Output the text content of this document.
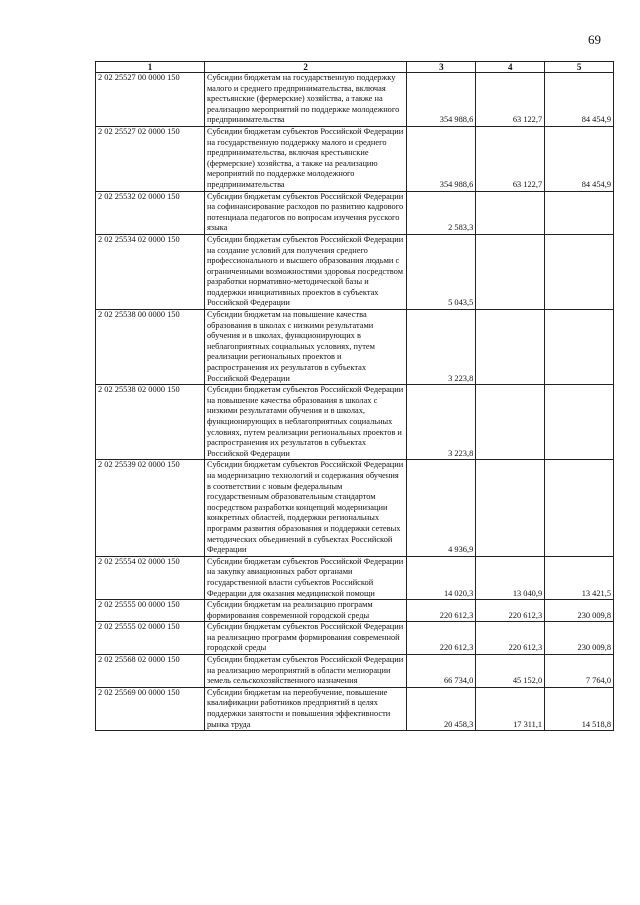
69
1	2	3	4	5
2 02 25527 00 0000 150	Субсидии бюджетам на государственную поддержку малого и среднего предпринимательства, включая крестьянские (фермерские) хозяйства, а также на реализацию мероприятий по поддержке молодежного предпринимательства	354 988,6	63 122,7	84 454,9
2 02 25527 02 0000 150	Субсидии бюджетам субъектов Российской Федерации на государственную поддержку малого и среднего предпринимательства, включая крестьянские (фермерские) хозяйства, а также на реализацию мероприятий по поддержке молодежного предпринимательства	354 988,6	63 122,7	84 454,9
2 02 25532 02 0000 150	Субсидии бюджетам субъектов Российской Федерации на софинансирование расходов по развитию кадрового потенциала педагогов по вопросам изучения русского языка	2 583,3		
2 02 25534 02 0000 150	Субсидии бюджетам субъектов Российской Федерации на создание условий для получения среднего профессионального и высшего образования людьми с ограниченными возможностями здоровья посредством разработки нормативно-методической базы и поддержки инициативных проектов в субъектах Российской Федерации	5 043,5		
2 02 25538 00 0000 150	Субсидии бюджетам на повышение качества образования в школах с низкими результатами обучения и в школах, функционирующих в неблагоприятных социальных условиях, путем реализации региональных проектов и распространения их результатов в субъектах Российской Федерации	3 223,8		
2 02 25538 02 0000 150	Субсидии бюджетам субъектов Российской Федерации на повышение качества образования в школах с низкими результатами обучения и в школах, функционирующих в неблагоприятных социальных условиях, путем реализации региональных проектов и распространения их результатов в субъектах Российской Федерации	3 223,8		
2 02 25539 02 0000 150	Субсидии бюджетам субъектов Российской Федерации на модернизацию технологий и содержания обучения в соответствии с новым федеральным государственным образовательным стандартом посредством разработки концепций модернизации конкретных областей, поддержки региональных программ развития образования и поддержки сетевых методических объединений в субъектах Российской Федерации	4 936,9		
2 02 25554 02 0000 150	Субсидии бюджетам субъектов Российской Федерации на закупку авиационных работ органами государственной власти субъектов Российской Федерации для оказания медицинской помощи	14 020,3	13 040,9	13 421,5
2 02 25555 00 0000 150	Субсидии бюджетам на реализацию программ формирования современной городской среды	220 612,3	220 612,3	230 009,8
2 02 25555 02 0000 150	Субсидии бюджетам субъектов Российской Федерации на реализацию программ формирования современной городской среды	220 612,3	220 612,3	230 009,8
2 02 25568 02 0000 150	Субсидии бюджетам субъектов Российской Федерации на реализацию мероприятий в области мелиорации земель сельскохозяйственного назначения	66 734,0	45 152,0	7 764,0
2 02 25569 00 0000 150	Субсидии бюджетам на переобучение, повышение квалификации работников предприятий в целях поддержки занятости и повышения эффективности рынка труда	20 458,3	17 311,1	14 518,8
